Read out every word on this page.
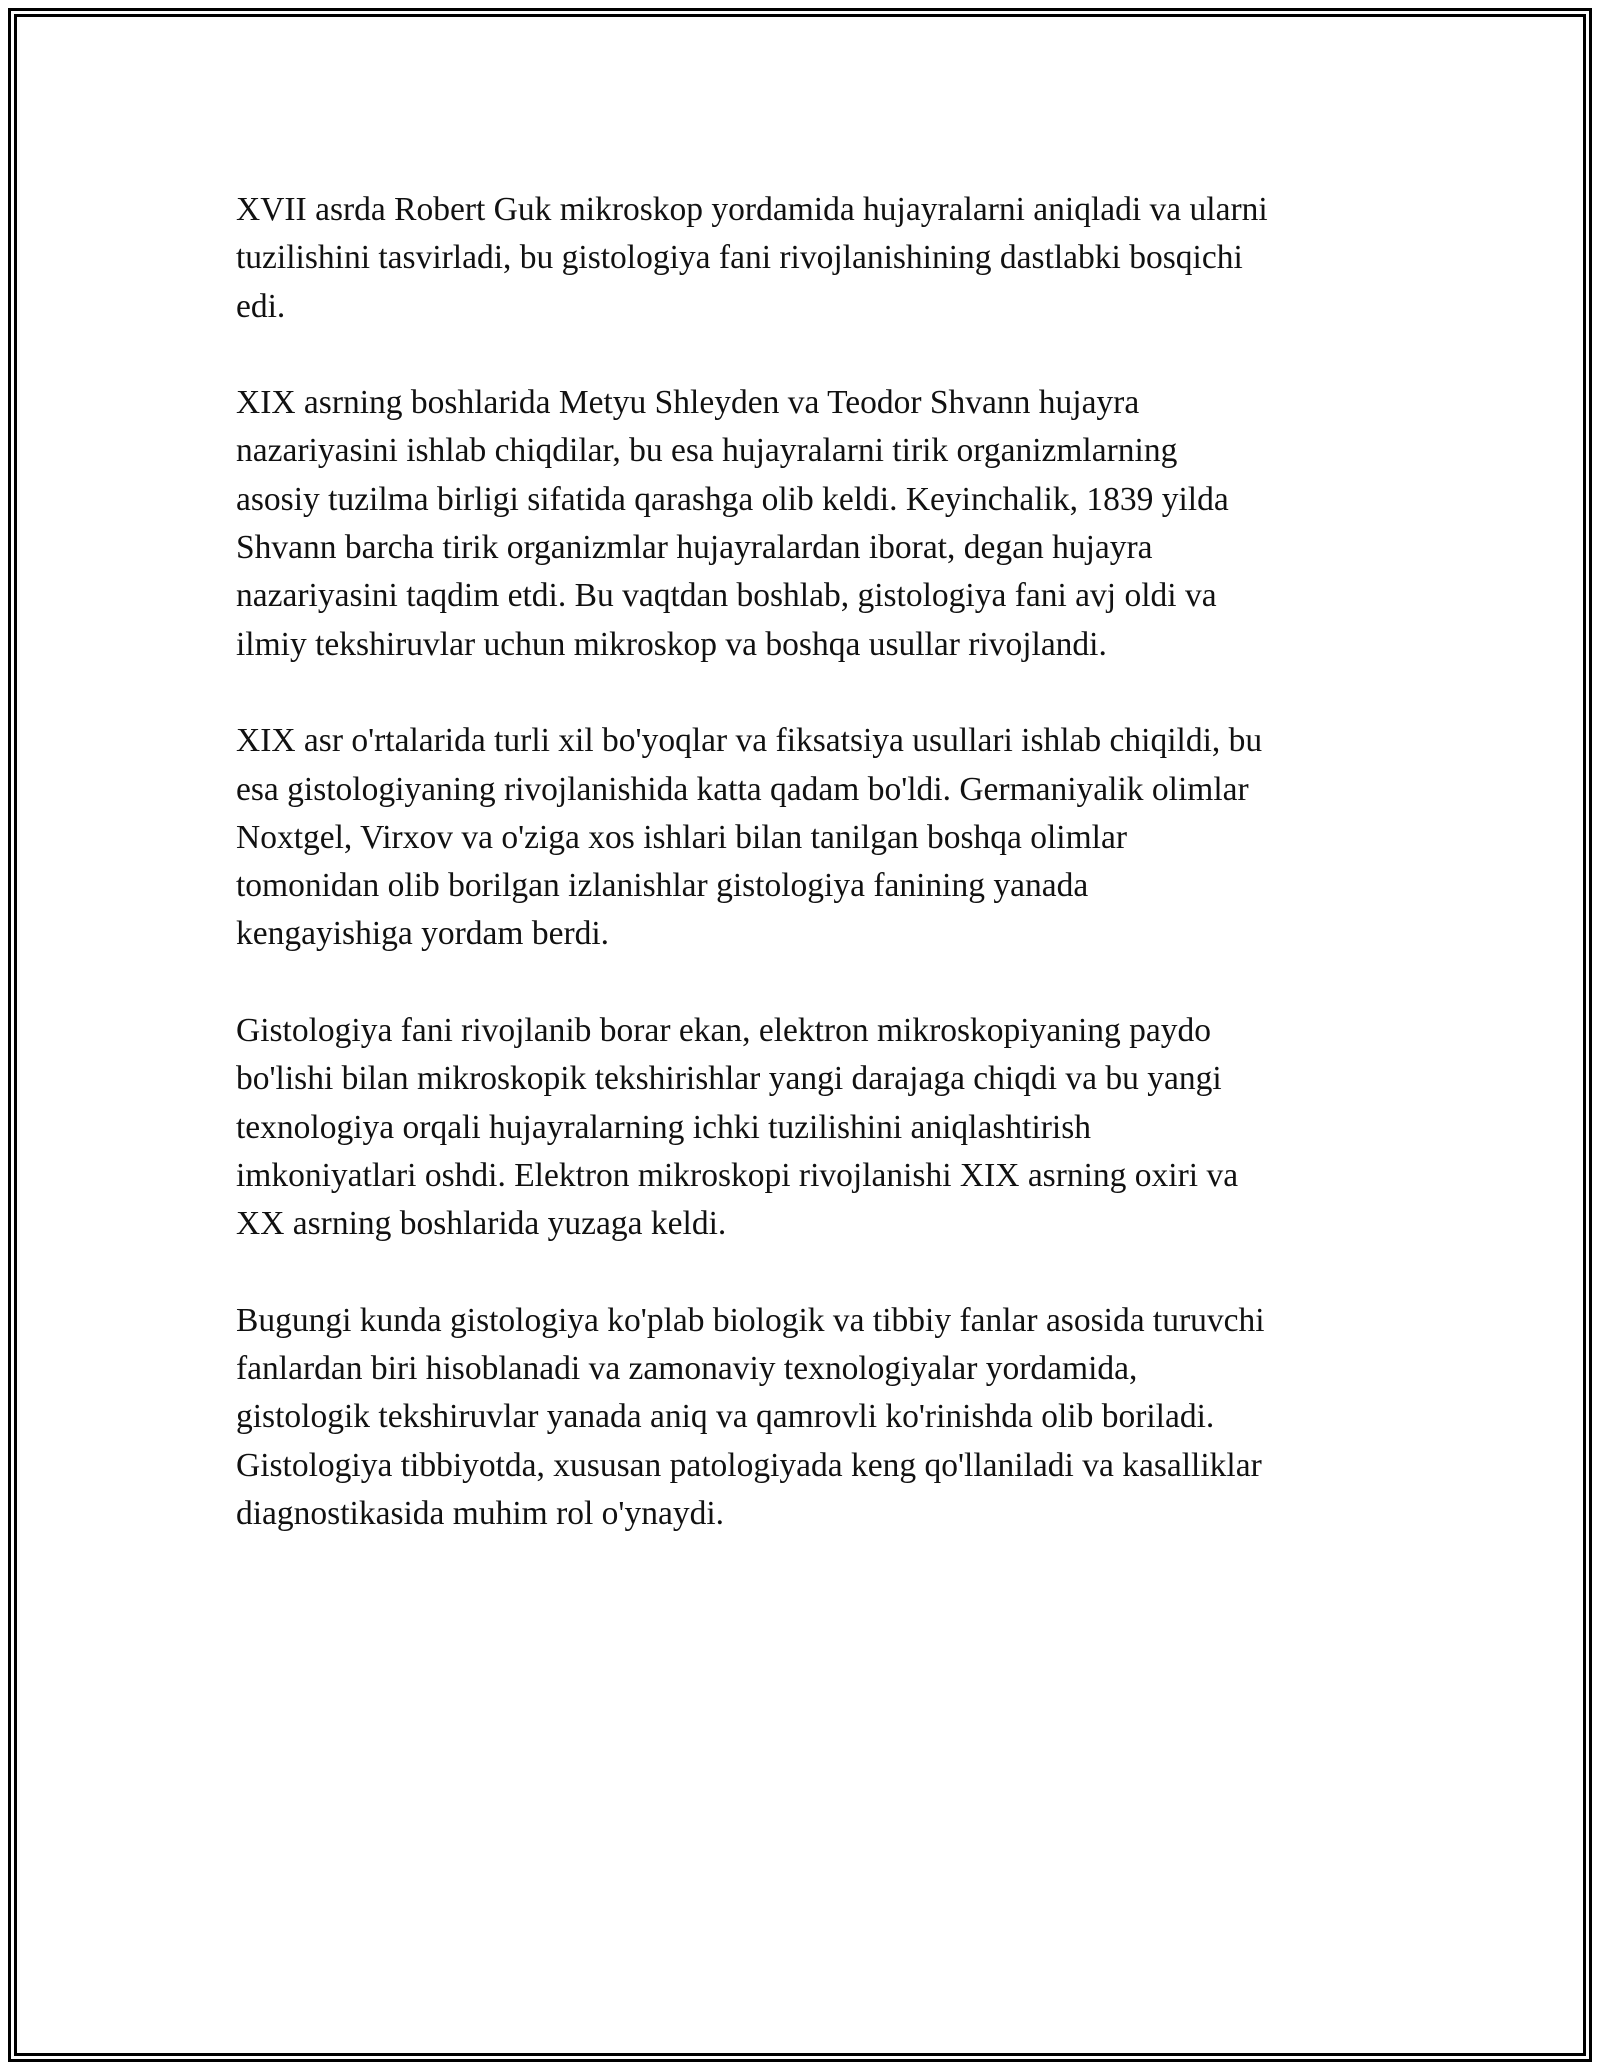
XVII asrda Robert Guk mikroskop yordamida hujayralarni aniqladi va ularni
tuzilishini tasvirladi, bu gistologiya fani rivojlanishining dastlabki bosqichi
edi.

XIX asrning boshlarida Metyu Shleyden va Teodor Shvann hujayra
nazariyasini ishlab chiqdilar, bu esa hujayralarni tirik organizmlarning
asosiy tuzilma birligi sifatida qarashga olib keldi. Keyinchalik, 1839 yilda
Shvann barcha tirik organizmlar hujayralardan iborat, degan hujayra
nazariyasini taqdim etdi. Bu vaqtdan boshlab, gistologiya fani avj oldi va
ilmiy tekshiruvlar uchun mikroskop va boshqa usullar rivojlandi.

XIX asr o'rtalarida turli xil bo'yoqlar va fiksatsiya usullari ishlab chiqildi, bu
esa gistologiyaning rivojlanishida katta qadam bo'ldi. Germaniyalik olimlar
Noxtgel, Virxov va o'ziga xos ishlari bilan tanilgan boshqa olimlar
tomonidan olib borilgan izlanishlar gistologiya fanining yanada
kengayishiga yordam berdi.

Gistologiya fani rivojlanib borar ekan, elektron mikroskopiyaning paydo
bo'lishi bilan mikroskopik tekshirishlar yangi darajaga chiqdi va bu yangi
texnologiya orqali hujayralarning ichki tuzilishini aniqlashtirish
imkoniyatlari oshdi. Elektron mikroskopi rivojlanishi XIX asrning oxiri va
XX asrning boshlarida yuzaga keldi.

Bugungi kunda gistologiya ko'plab biologik va tibbiy fanlar asosida turuvchi
fanlardan biri hisoblanadi va zamonaviy texnologiyalar yordamida,
gistologik tekshiruvlar yanada aniq va qamrovli ko'rinishda olib boriladi.
Gistologiya tibbiyotda, xususan patologiyada keng qo'llaniladi va kasalliklar
diagnostikasida muhim rol o'ynaydi.
